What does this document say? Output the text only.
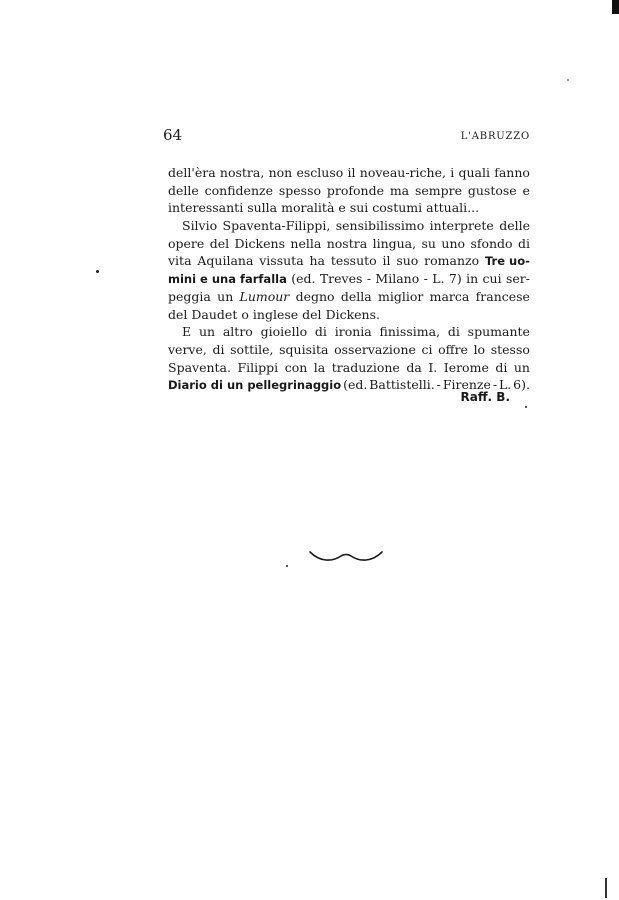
64	L'ABRUZZO
dell'èra nostra, non escluso il noveau-riche, i quali fanno
delle confidenze spesso profonde ma sempre gustose e
interessanti sulla moralità e sui costumi attuali...
Silvio Spaventa-Filippi, sensibilissimo interprete delle
opere del Dickens nella nostra lingua, su uno sfondo di
vita Aquilana vissuta ha tessuto il suo romanzo Tre uo-
mini e una farfalla (ed. Treves - Milano - L. 7) in cui ser-
peggia un Lumour degno della miglior marca francese
del Daudet o inglese del Dickens.
E un altro gioiello di ironia finissima, di spumante
verve, di sottile, squisita osservazione ci offre lo stesso
Spaventa. Filippi con la traduzione da I. Ierome di un
Diario di un pellegrinaggio (ed. Battistelli. - Firenze - L. 6).
Raff. B.
